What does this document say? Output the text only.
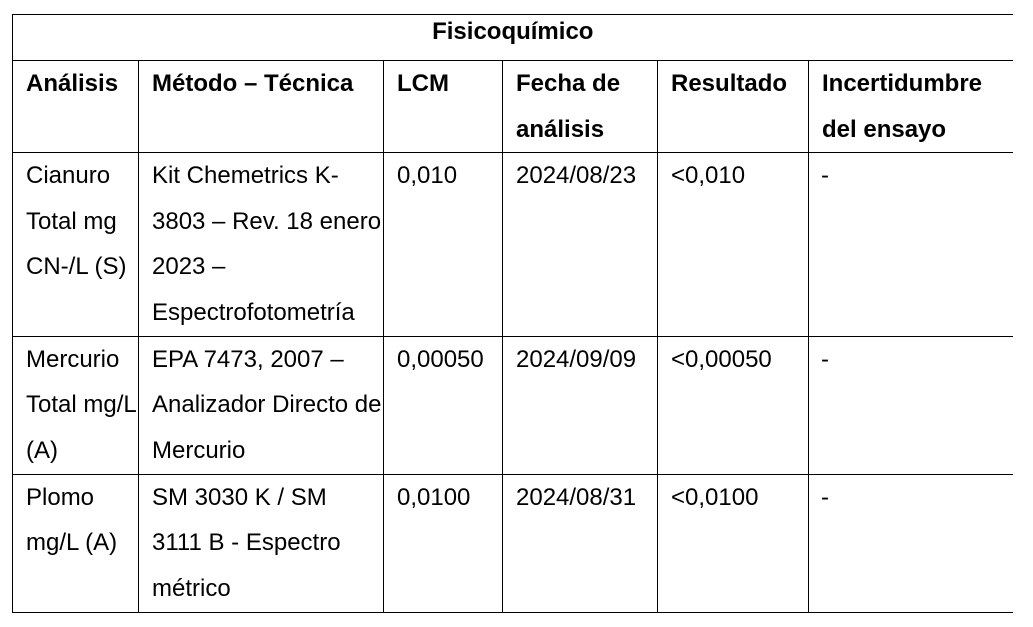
Fisicoquímico					
Análisis	Método – Técnica	LCM	Fecha de análisis	Resultado	Incertidumbre del ensayo
Cianuro Total mg CN-/L (S)	Kit Chemetrics K-3803 – Rev. 18 enero 2023 – Espectrofotometría	0,010	2024/08/23	<0,010	-
Mercurio Total mg/L (A)	EPA 7473, 2007 – Analizador Directo de Mercurio	0,00050	2024/09/09	<0,00050	-
Plomo mg/L (A)	SM 3030 K / SM 3111 B - Espectro métrico	0,0100	2024/08/31	<0,0100	-
